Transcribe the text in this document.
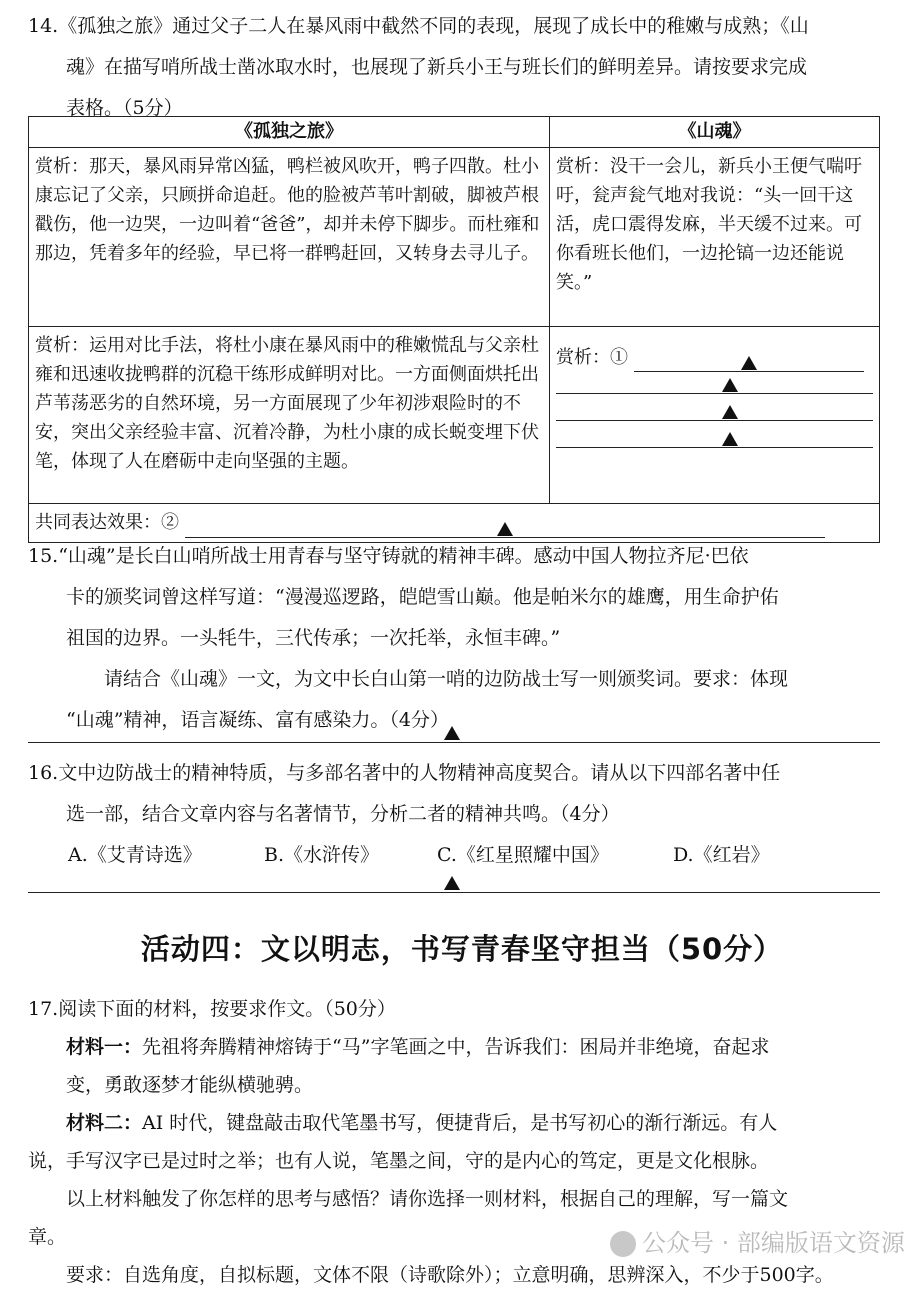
14.《孤独之旅》通过父子二人在暴风雨中截然不同的表现，展现了成长中的稚嫩与成熟；《山
魂》在描写哨所战士凿冰取水时，也展现了新兵小王与班长们的鲜明差异。请按要求完成
表格。（5分）
《孤独之旅》	《山魂》
赏析：那天，暴风雨异常凶猛，鸭栏被风吹开，鸭子四散。杜小康忘记了父亲，只顾拼命追赶。他的脸被芦苇叶割破，脚被芦根戳伤，他一边哭，一边叫着“爸爸”，却并未停下脚步。而杜雍和那边，凭着多年的经验，早已将一群鸭赶回，又转身去寻儿子。	赏析：没干一会儿，新兵小王便气喘吁吁，瓮声瓮气地对我说：“头一回干这活，虎口震得发麻，半天缓不过来。可你看班长他们，一边抡镐一边还能说笑。”
赏析：运用对比手法，将杜小康在暴风雨中的稚嫩慌乱与父亲杜雍和迅速收拢鸭群的沉稳干练形成鲜明对比。一方面侧面烘托出芦苇荡恶劣的自然环境，另一方面展现了少年初涉艰险时的不安，突出父亲经验丰富、沉着冷静，为杜小康的成长蜕变埋下伏笔，体现了人在磨砺中走向坚强的主题。	赏析：①

共同表达效果：②	
15.“山魂”是长白山哨所战士用青春与坚守铸就的精神丰碑。感动中国人物拉齐尼·巴依
卡的颁奖词曾这样写道：“漫漫巡逻路，皑皑雪山巅。他是帕米尔的雄鹰，用生命护佑
祖国的边界。一头牦牛，三代传承；一次托举，永恒丰碑。”
请结合《山魂》一文，为文中长白山第一哨的边防战士写一则颁奖词。要求：体现
“山魂”精神，语言凝练、富有感染力。（4分）
16.文中边防战士的精神特质，与多部名著中的人物精神高度契合。请从以下四部名著中任
选一部，结合文章内容与名著情节，分析二者的精神共鸣。（4分）
A.《艾青诗选》	B.《水浒传》	C.《红星照耀中国》	D.《红岩》
活动四：文以明志，书写青春坚守担当（50分）
17.阅读下面的材料，按要求作文。（50分）
材料一：先祖将奔腾精神熔铸于“马”字笔画之中，告诉我们：困局并非绝境，奋起求
变，勇敢逐梦才能纵横驰骋。
材料二：AI 时代，键盘敲击取代笔墨书写，便捷背后，是书写初心的渐行渐远。有人
说，手写汉字已是过时之举；也有人说，笔墨之间，守的是内心的笃定，更是文化根脉。
以上材料触发了你怎样的思考与感悟？请你选择一则材料，根据自己的理解，写一篇文
章。
要求：自选角度，自拟标题，文体不限（诗歌除外）；立意明确，思辨深入，不少于500字。
公众号 · 部编版语文资源
